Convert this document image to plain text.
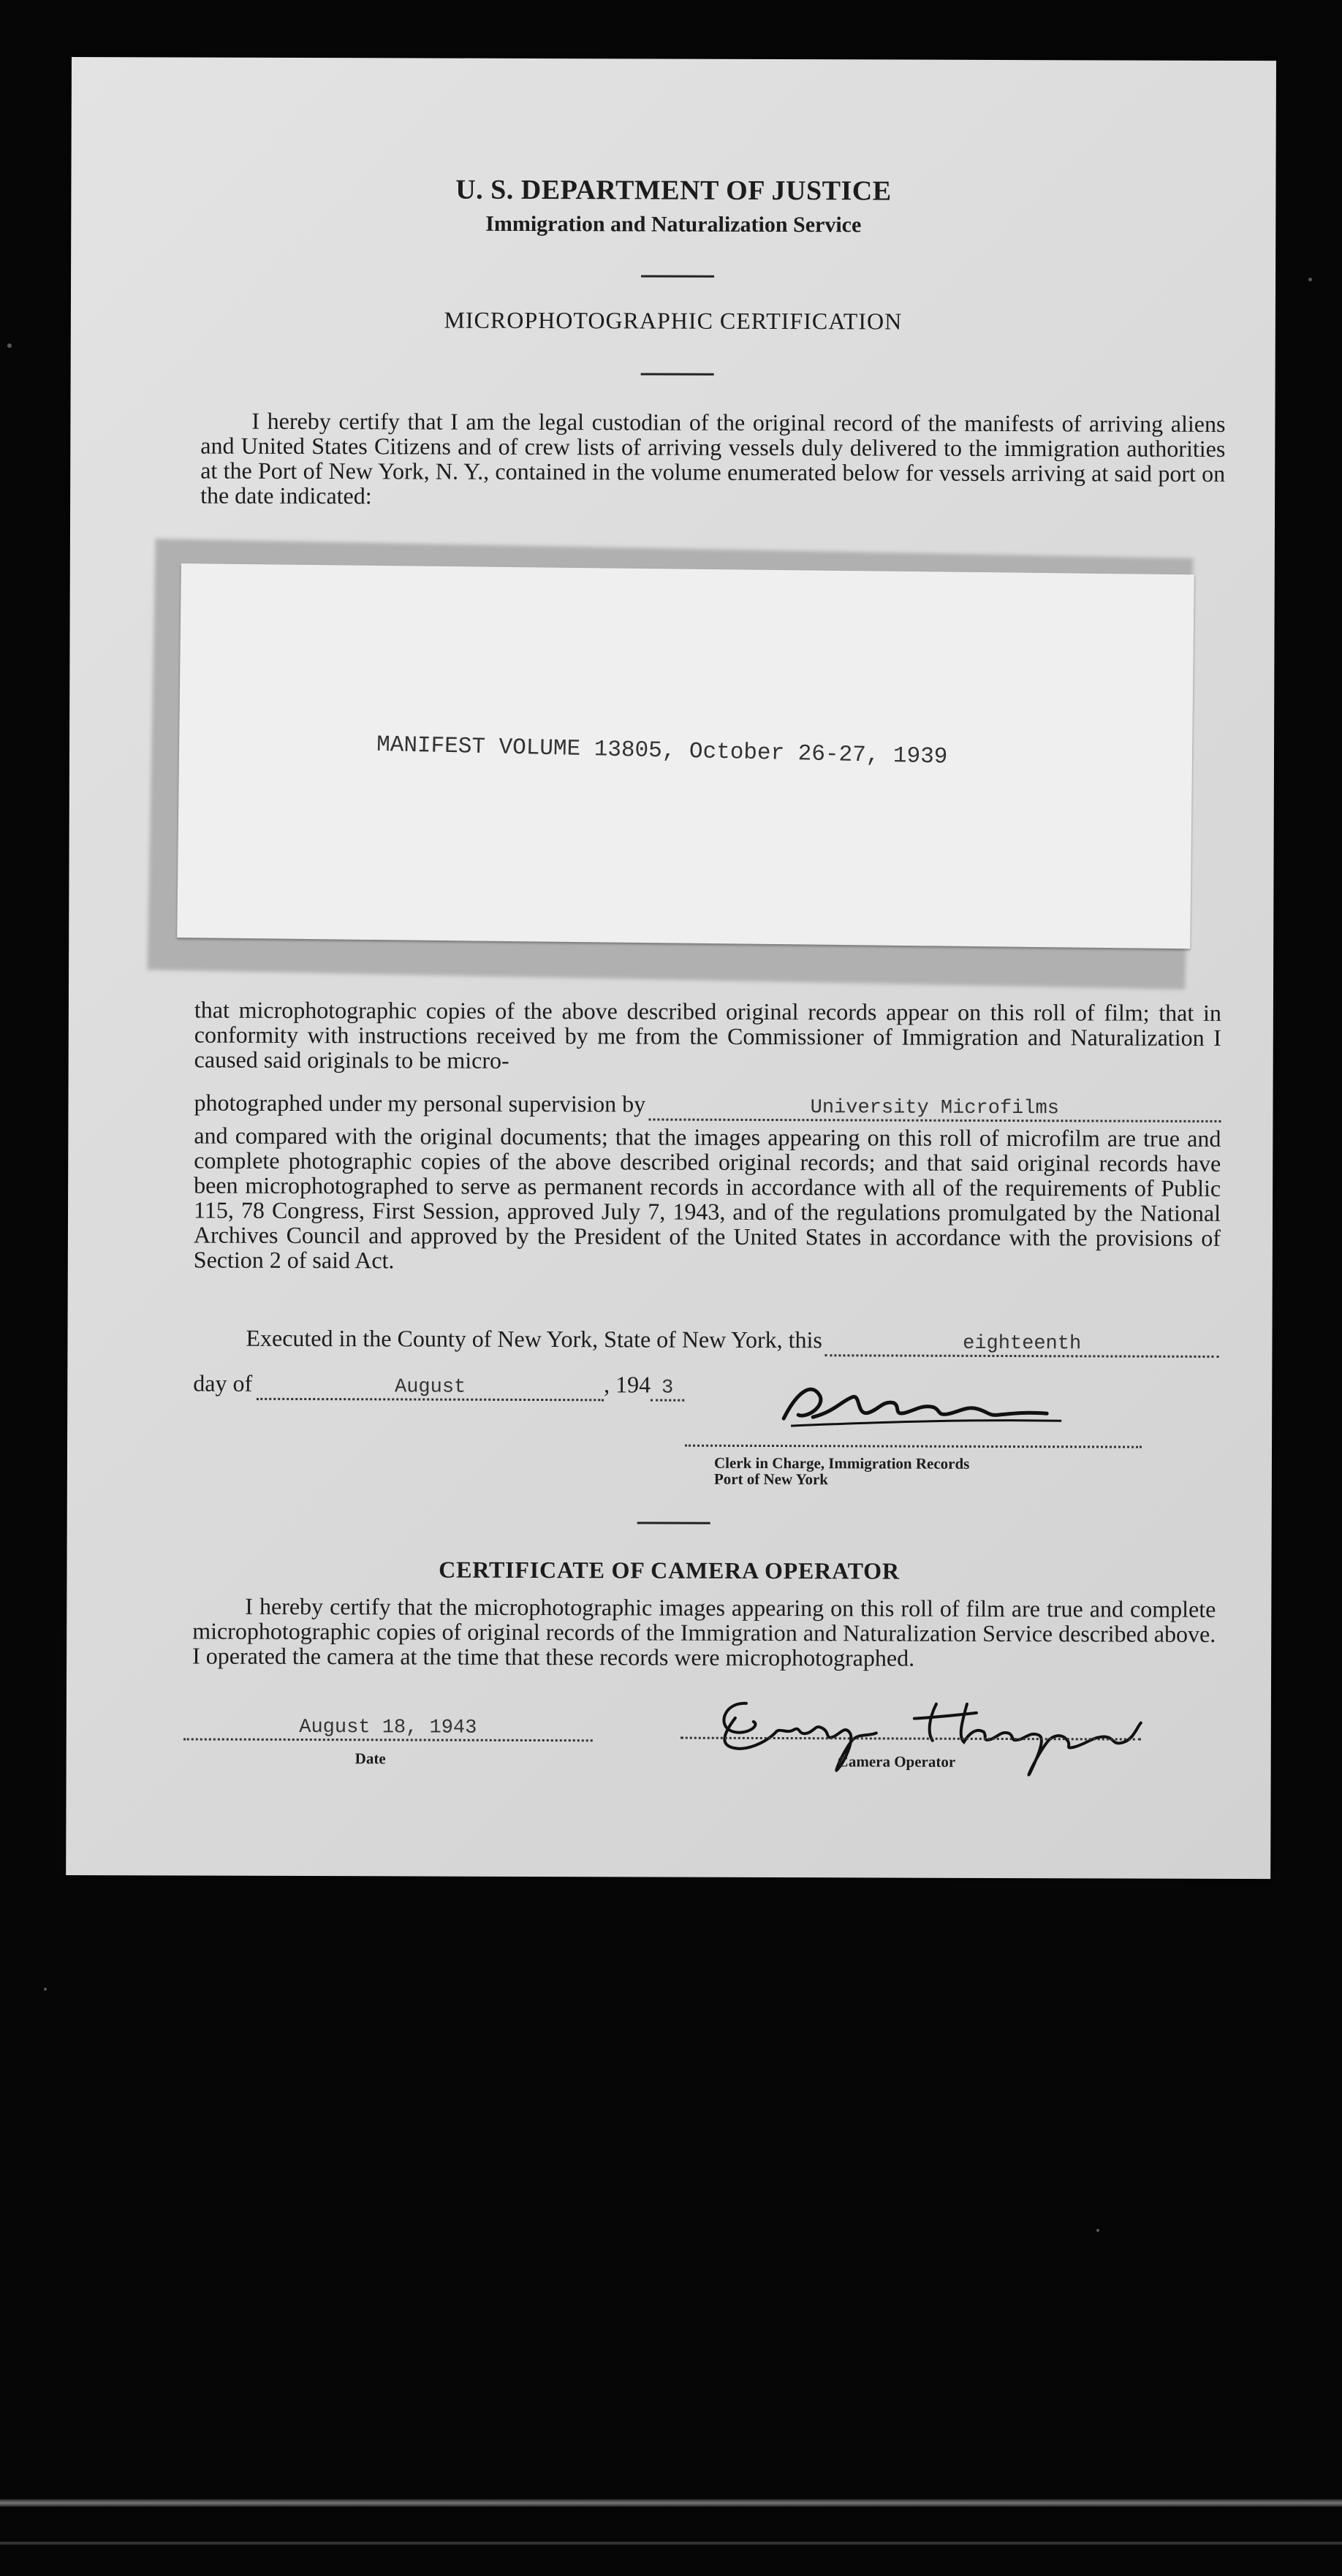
U. S. DEPARTMENT OF JUSTICE
Immigration and Naturalization Service
MICROPHOTOGRAPHIC CERTIFICATION
I hereby certify that I am the legal custodian of the original record of the manifests of arriving aliens and United States Citizens and of crew lists of arriving vessels duly delivered to the immigration authorities at the Port of New York, N. Y., contained in the volume enumerated below for vessels arriving at said port on the date indicated:
MANIFEST VOLUME 13805, October 26-27, 1939
that microphotographic copies of the above described original records appear on this roll of film; that in conformity with instructions received by me from the Commissioner of Immigration and Naturalization I caused said originals to be micro-
photographed under my personal supervision by	University Microfilms
and compared with the original documents; that the images appearing on this roll of microfilm are true and complete photographic copies of the above described original records; and that said original records have been microphotographed to serve as permanent records in accordance with all of the requirements of Public 115, 78 Congress, First Session, approved July 7, 1943, and of the regulations promulgated by the National Archives Council and approved by the President of the United States in accordance with the provisions of Section 2 of said Act.
Executed in the County of New York, State of New York, this	eighteenth
day of	August	, 194 3
Clerk in Charge, Immigration Records
Port of New York
CERTIFICATE OF CAMERA OPERATOR
I hereby certify that the microphotographic images appearing on this roll of film are true and complete microphotographic copies of original records of the Immigration and Naturalization Service described above. I operated the camera at the time that these records were microphotographed.
August 18, 1943
Date	Camera Operator
